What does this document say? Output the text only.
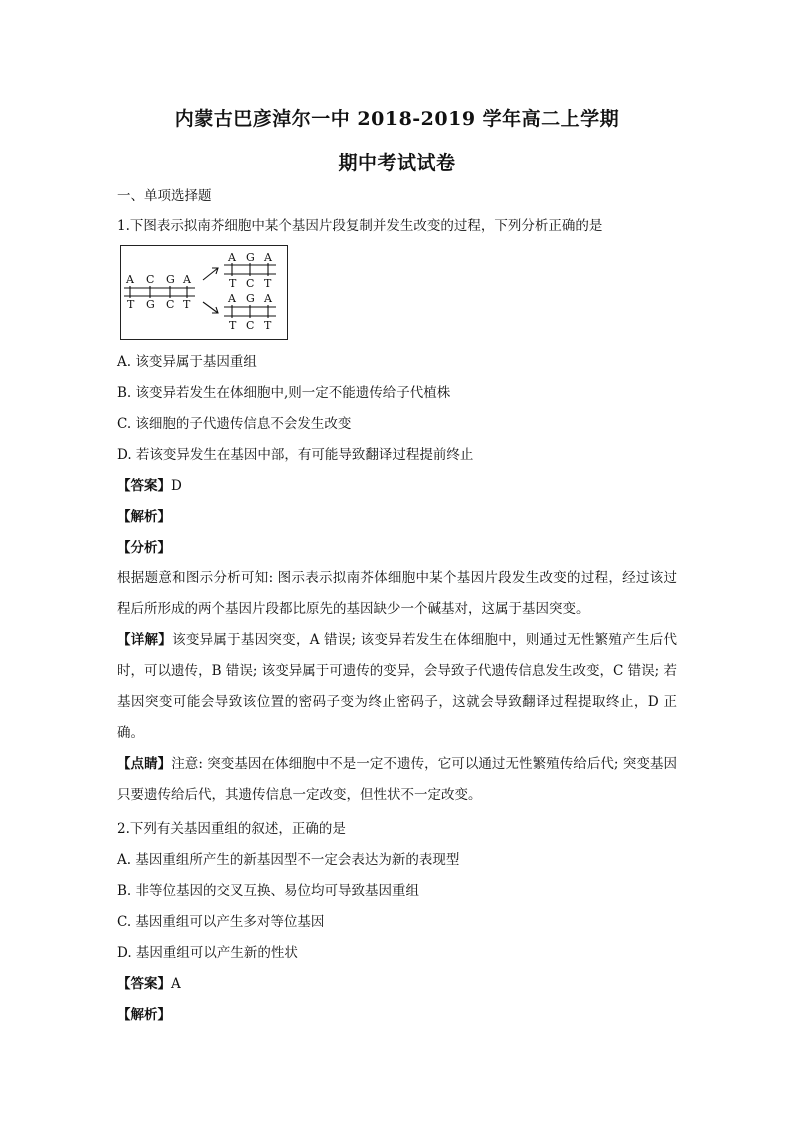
内蒙古巴彦淖尔一中 2018-2019 学年高二上学期
期中考试试卷
一、单项选择题
1.下图表示拟南芥细胞中某个基因片段复制并发生改变的过程，下列分析正确的是
A C G A
T G C T
A G A
T C T
A G A
T C T
A. 该变异属于基因重组
B. 该变异若发生在体细胞中,则一定不能遗传给子代植株
C. 该细胞的子代遗传信息不会发生改变
D. 若该变异发生在基因中部，有可能导致翻译过程提前终止
【答案】D
【解析】
【分析】
根据题意和图示分析可知: 图示表示拟南芥体细胞中某个基因片段发生改变的过程，经过该过程后所形成的两个基因片段都比原先的基因缺少一个碱基对，这属于基因突变。
【详解】该变异属于基因突变，A 错误; 该变异若发生在体细胞中，则通过无性繁殖产生后代时，可以遗传，B 错误; 该变异属于可遗传的变异，会导致子代遗传信息发生改变，C 错误; 若基因突变可能会导致该位置的密码子变为终止密码子，这就会导致翻译过程提取终止，D 正确。
【点睛】注意: 突变基因在体细胞中不是一定不遗传，它可以通过无性繁殖传给后代; 突变基因只要遗传给后代，其遗传信息一定改变，但性状不一定改变。
2.下列有关基因重组的叙述，正确的是
A. 基因重组所产生的新基因型不一定会表达为新的表现型
B. 非等位基因的交叉互换、易位均可导致基因重组
C. 基因重组可以产生多对等位基因
D. 基因重组可以产生新的性状
【答案】A
【解析】
